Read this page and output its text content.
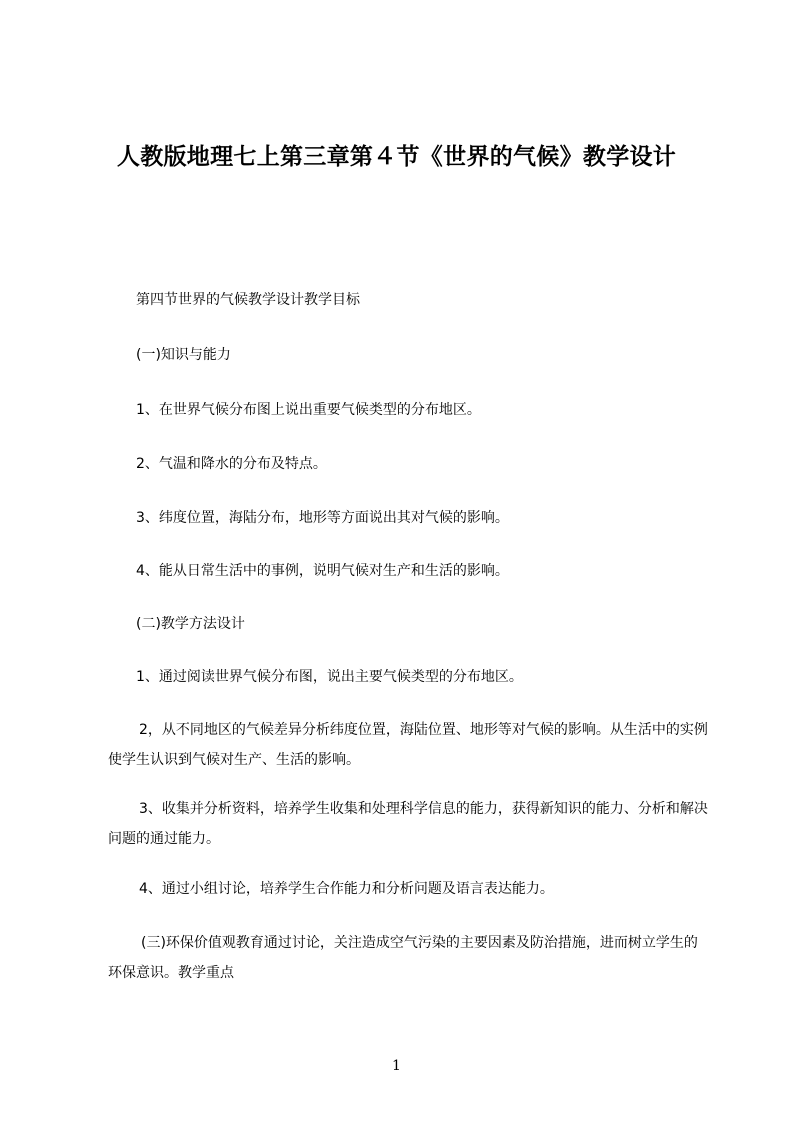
人教版地理七上第三章第４节《世界的气候》教学设计

第四节世界的气候教学设计教学目标

(一)知识与能力

1、在世界气候分布图上说出重要气候类型的分布地区。

2、气温和降水的分布及特点。

3、纬度位置，海陆分布，地形等方面说出其对气候的影响。

4、能从日常生活中的事例，说明气候对生产和生活的影响。

(二)教学方法设计

1、通过阅读世界气候分布图，说出主要气候类型的分布地区。

2，从不同地区的气候差异分析纬度位置，海陆位置、地形等对气候的影响。从生活中的实例使学生认识到气候对生产、生活的影响。

3、收集并分析资料，培养学生收集和处理科学信息的能力，获得新知识的能力、分析和解决问题的通过能力。

4、通过小组讨论，培养学生合作能力和分析问题及语言表达能力。

(三)环保价值观教育通过讨论，关注造成空气污染的主要因素及防治措施，进而树立学生的环保意识。教学重点

1
